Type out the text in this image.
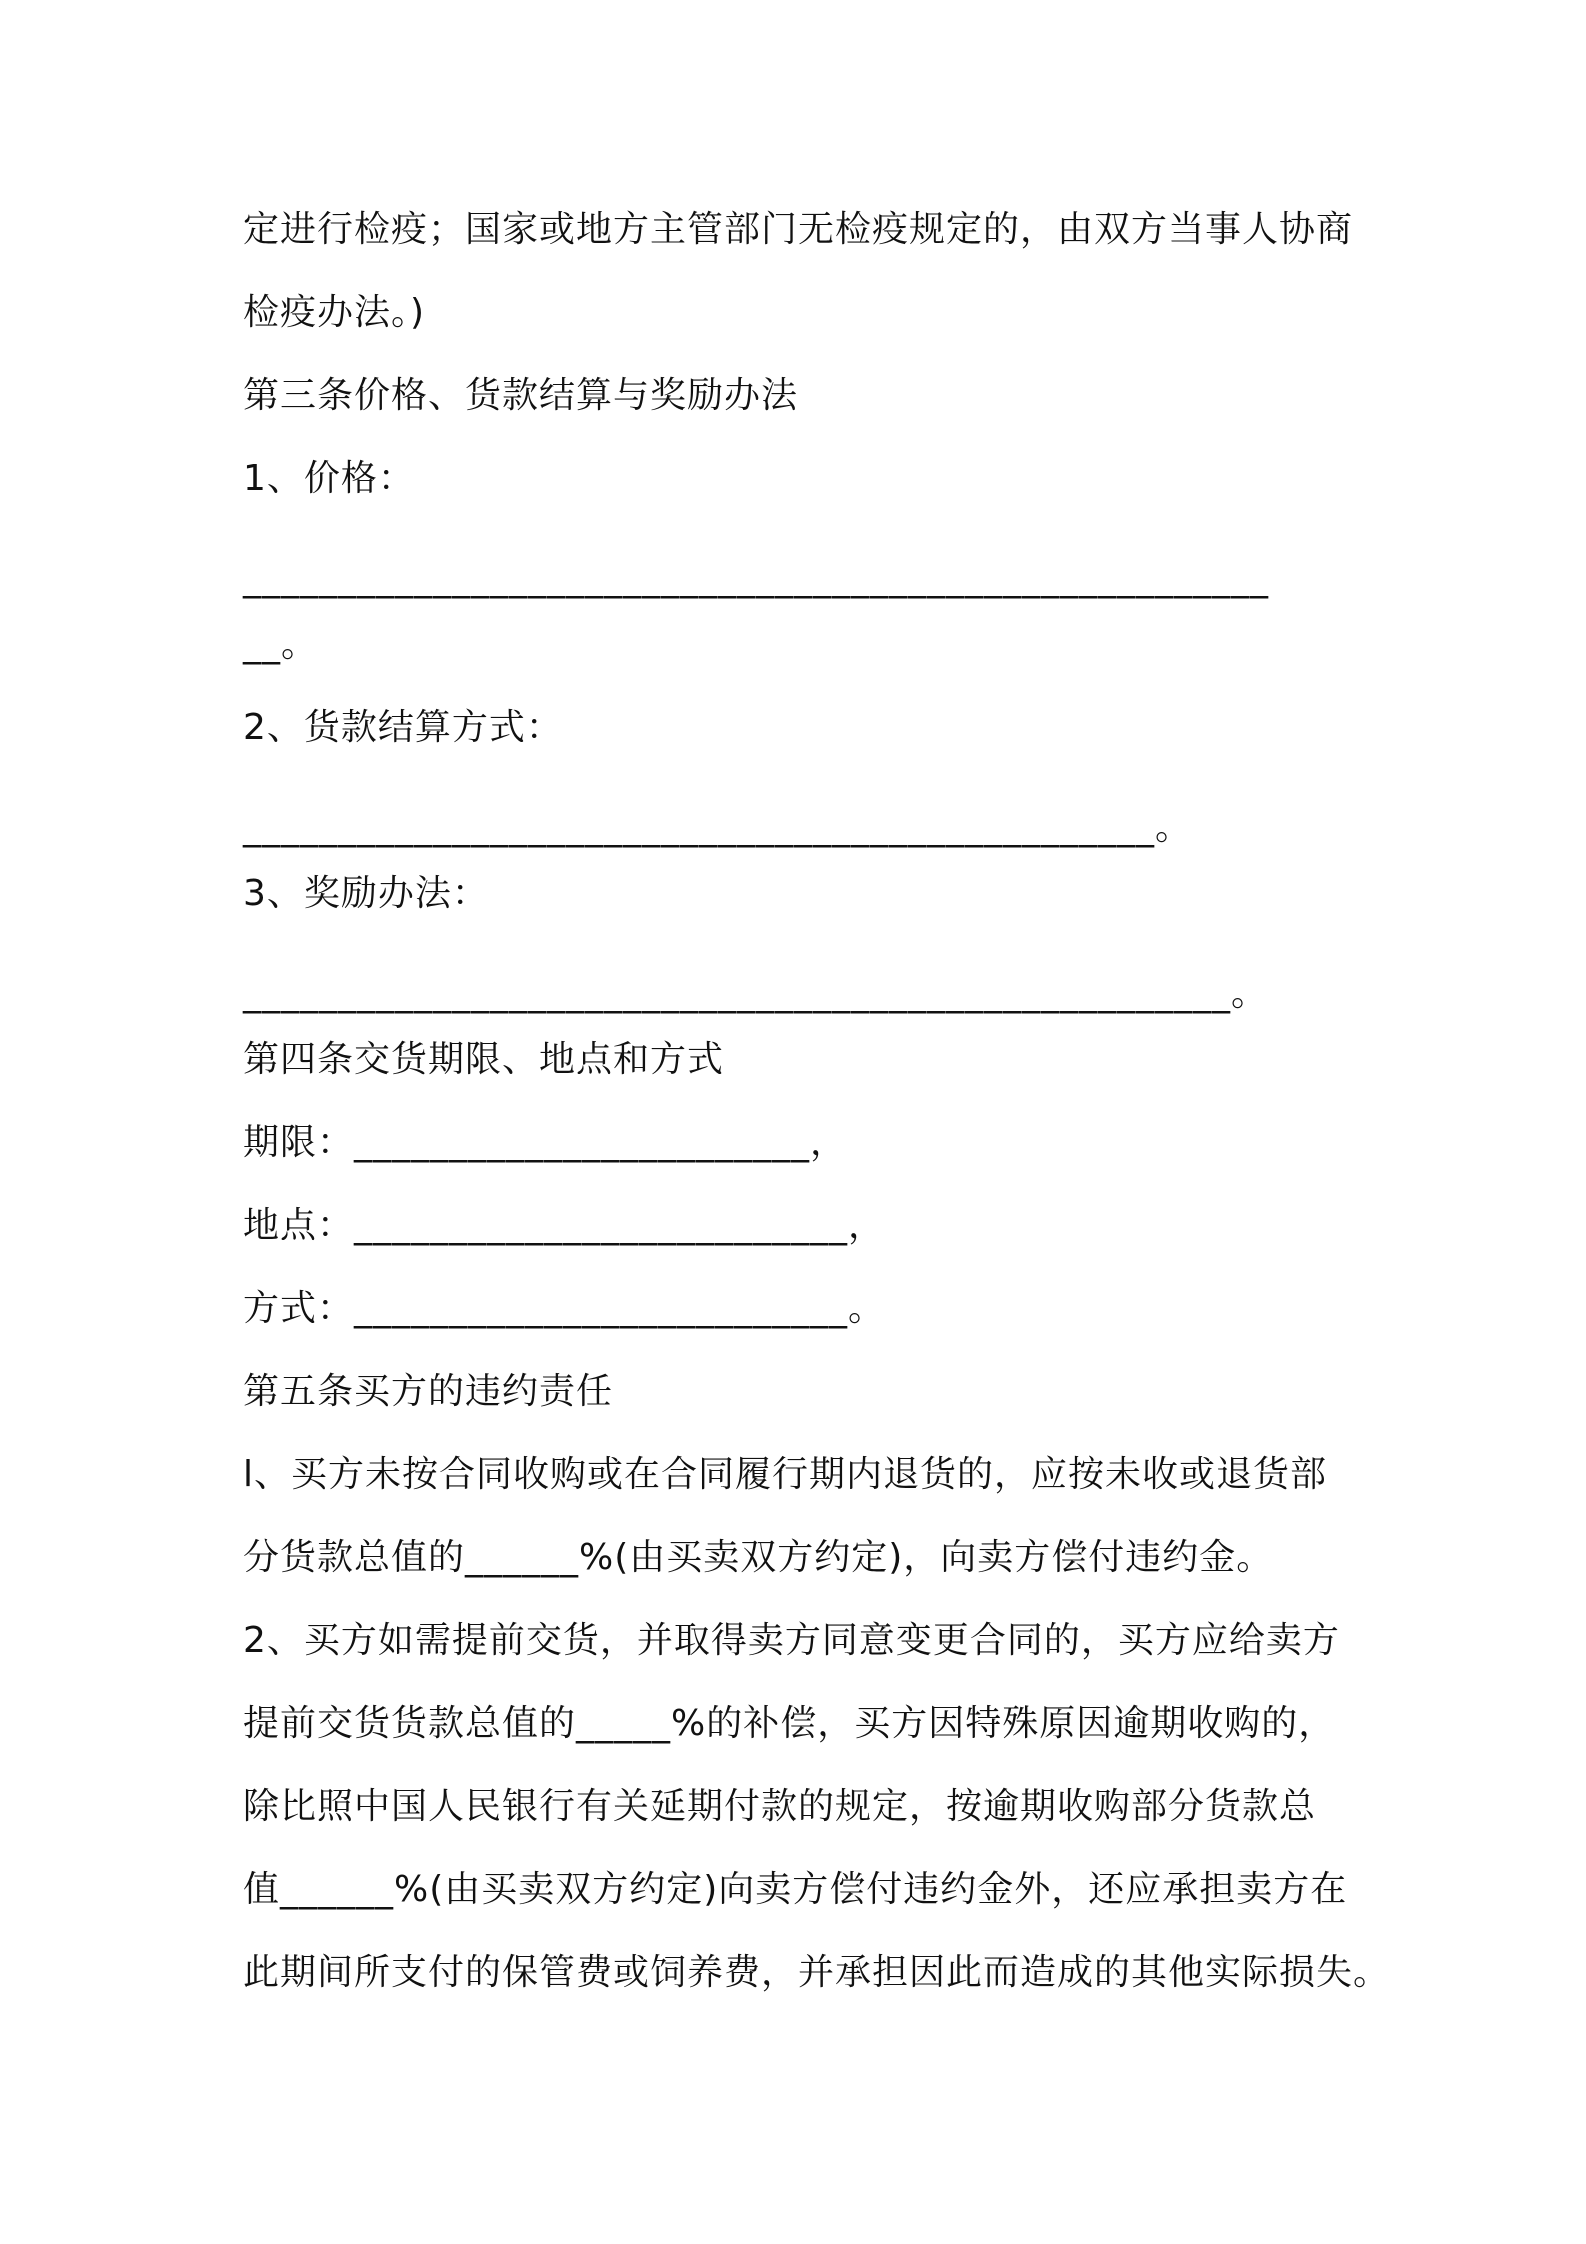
定进行检疫；国家或地方主管部门无检疫规定的，由双方当事人协商
检疫办法。)
第三条价格、货款结算与奖励办法
1、价格：
______________________________________________________
__。
2、货款结算方式：
________________________________________________。
3、奖励办法：
____________________________________________________。
第四条交货期限、地点和方式
期限：________________________，
地点：__________________________，
方式：__________________________。
第五条买方的违约责任
l、买方未按合同收购或在合同履行期内退货的，应按未收或退货部
分货款总值的______%(由买卖双方约定)，向卖方偿付违约金。
2、买方如需提前交货，并取得卖方同意变更合同的，买方应给卖方
提前交货货款总值的_____%的补偿，买方因特殊原因逾期收购的，
除比照中国人民银行有关延期付款的规定，按逾期收购部分货款总
值______%(由买卖双方约定)向卖方偿付违约金外，还应承担卖方在
此期间所支付的保管费或饲养费，并承担因此而造成的其他实际损失。
